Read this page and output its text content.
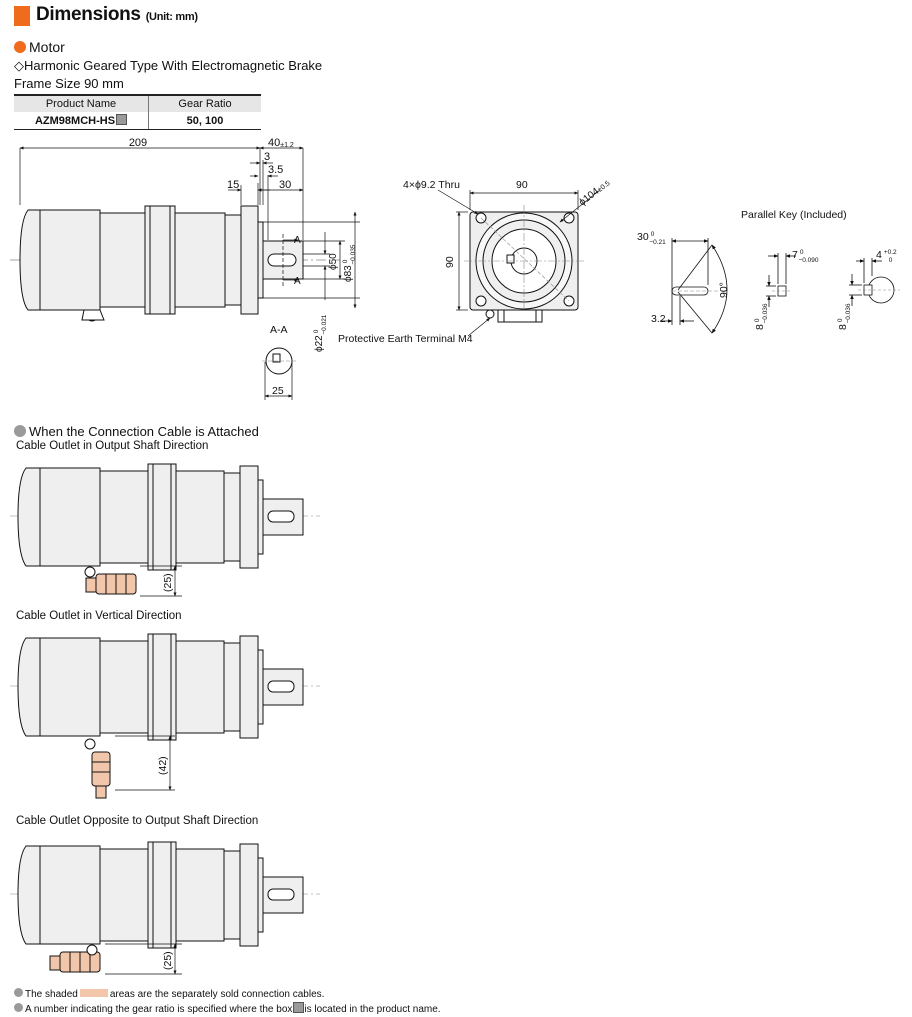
Dimensions (Unit: mm)
Motor
◇Harmonic Geared Type With Electromagnetic Brake
Frame Size 90 mm
Product Name	Gear Ratio
AZM98MCH-HS	50, 100
209	40±1.2
3
3.5
15	30
A
A
ϕ50
$\phi 83^0-0.035$
$\phi 22^0-0.021$
A-A
25
4×ϕ9.2 Thru	90
90
ϕ104±0.5
Protective Earth Terminal M4
Parallel Key (Included)
30 $^0$ −0.21
90°
3.2
7 $^0$ −0.090
$8^0-0.036$
4 $^{+0.2}$ 0
$8^0-0.036$
(25)
(42)
(25)
When the Connection Cable is Attached
Cable Outlet in Output Shaft Direction
Cable Outlet in Vertical Direction
Cable Outlet Opposite to Output Shaft Direction
The shaded	areas are the separately sold connection cables.
A number indicating the gear ratio is specified where the box is located in the product name.
